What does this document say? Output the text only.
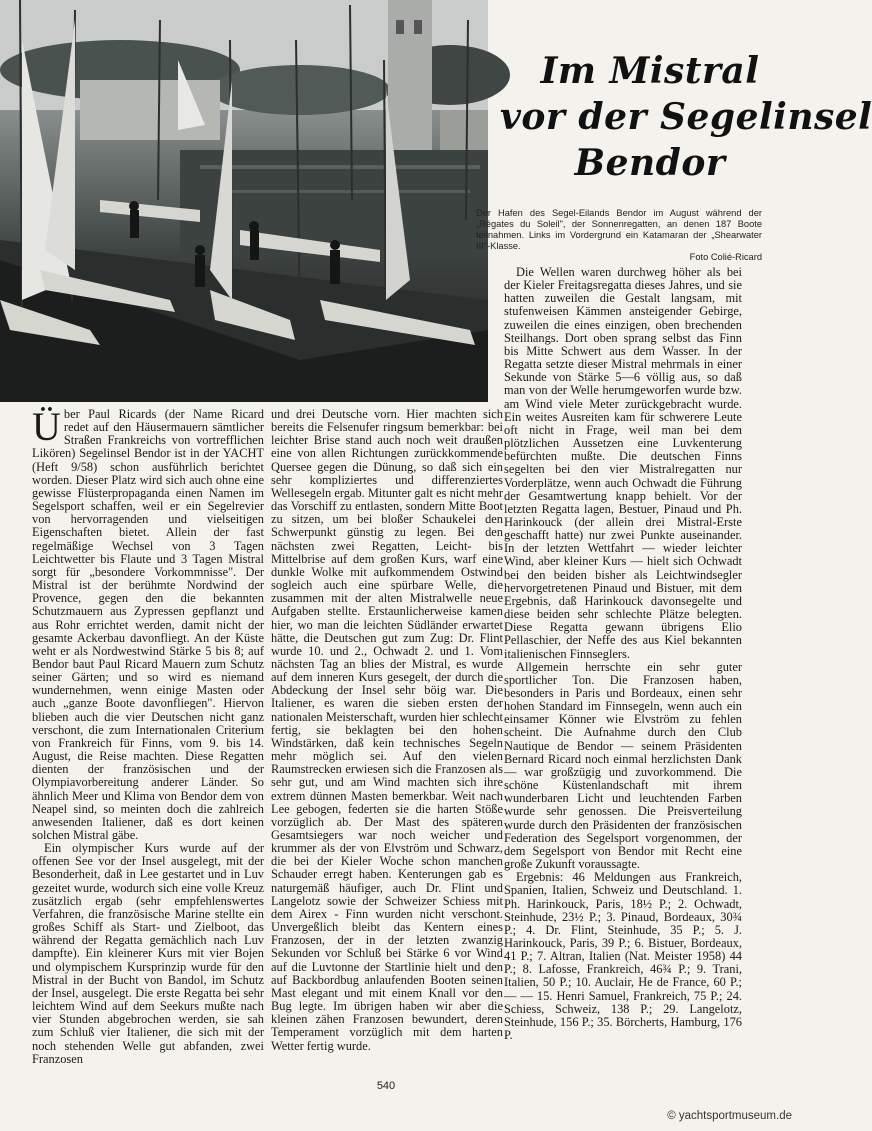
Im Mistral
vor der Segelinsel
Bendor
Der Hafen des Segel-Eilands Bendor im August während der „Régates du Soleil", der Sonnenregatten, an denen 187 Boote teilnahmen. Links im Vordergrund ein Katamaran der „Shearwater III"-Klasse.
Foto Colié-Ricard

Über Paul Ricards (der Name Ricard redet auf den Häusermauern sämtlicher Straßen Frankreichs von vortrefflichen Likören) Segelinsel Bendor ist in der YACHT (Heft 9/58) schon ausführlich berichtet worden. Dieser Platz wird sich auch ohne eine gewisse Flüsterpropaganda einen Namen im Segelsport schaffen, weil er ein Segelrevier von hervorragenden und vielseitigen Eigenschaften bietet. Allein der fast regelmäßige Wechsel von 3 Tagen Leichtwetter bis Flaute und 3 Tagen Mistral sorgt für „besondere Vorkommnisse". Der Mistral ist der berühmte Nordwind der Provence, gegen den die bekannten Schutzmauern aus Zypressen gepflanzt und aus Rohr errichtet werden, damit nicht der gesamte Ackerbau davonfliegt. An der Küste weht er als Nordwestwind Stärke 5 bis 8; auf Bendor baut Paul Ricard Mauern zum Schutz seiner Gärten; und so wird es niemand wundernehmen, wenn einige Masten oder auch „ganze Boote davonfliegen". Hiervon blieben auch die vier Deutschen nicht ganz verschont, die zum Internationalen Criterium von Frankreich für Finns, vom 9. bis 14. August, die Reise machten. Diese Regatten dienten der französischen und der Olympiavorbereitung anderer Länder. So ähnlich Meer und Klima von Bendor dem von Neapel sind, so meinten doch die zahlreich anwesenden Italiener, daß es dort keinen solchen Mistral gäbe.

Ein olympischer Kurs wurde auf der offenen See vor der Insel ausgelegt, mit der Besonderheit, daß in Lee gestartet und in Luv gezeitet wurde, wodurch sich eine volle Kreuz zusätzlich ergab (sehr empfehlenswertes Verfahren, die französische Marine stellte ein großes Schiff als Start- und Zielboot, das während der Regatta gemächlich nach Luv dampfte). Ein kleinerer Kurs mit vier Bojen und olympischem Kursprinzip wurde für den Mistral in der Bucht von Bandol, im Schutz der Insel, ausgelegt. Die erste Regatta bei sehr leichtem Wind auf dem Seekurs mußte nach vier Stunden abgebrochen werden, sie sah zum Schluß vier Italiener, die sich mit der noch stehenden Welle gut abfanden, zwei Franzosen

und drei Deutsche vorn. Hier machten sich bereits die Felsenufer ringsum bemerkbar: bei leichter Brise stand auch noch weit draußen eine von allen Richtungen zurückkommende Quersee gegen die Dünung, so daß sich ein sehr kompliziertes und differenziertes Wellesegeln ergab. Mitunter galt es nicht mehr das Vorschiff zu entlasten, sondern Mitte Boot zu sitzen, um bei bloßer Schaukelei den Schwerpunkt günstig zu legen. Bei den nächsten zwei Regatten, Leicht- bis Mittelbrise auf dem großen Kurs, warf eine dunkle Wolke mit aufkommendem Ostwind sogleich auch eine spürbare Welle, die zusammen mit der alten Mistralwelle neue Aufgaben stellte. Erstaunlicherweise kamen hier, wo man die leichten Südländer erwartet hätte, die Deutschen gut zum Zug: Dr. Flint wurde 10. und 2., Ochwadt 2. und 1. Vom nächsten Tag an blies der Mistral, es wurde auf dem inneren Kurs gesegelt, der durch die Abdeckung der Insel sehr böig war. Die Italiener, es waren die sieben ersten der nationalen Meisterschaft, wurden hier schlecht fertig, sie beklagten bei den hohen Windstärken, daß kein technisches Segeln mehr möglich sei. Auf den vielen Raumstrecken erwiesen sich die Franzosen als sehr gut, und am Wind machten sich ihre extrem dünnen Masten bemerkbar. Weit nach Lee gebogen, federten sie die harten Stöße vorzüglich ab. Der Mast des späteren Gesamtsiegers war noch weicher und krummer als der von Elvström und Schwarz, die bei der Kieler Woche schon manchen Schauder erregt haben. Kenterungen gab es naturgemäß häufiger, auch Dr. Flint und Langelotz sowie der Schweizer Schiess mit dem Airex - Finn wurden nicht verschont. Unvergeßlich bleibt das Kentern eines Franzosen, der in der letzten zwanzig Sekunden vor Schluß bei Stärke 6 vor Wind auf die Luvtonne der Startlinie hielt und den auf Backbordbug anlaufenden Booten seinen Mast elegant und mit einem Knall vor den Bug legte. Im übrigen haben wir aber die kleinen zähen Franzosen bewundert, deren Temperament vorzüglich mit dem harten Wetter fertig wurde.

Die Wellen waren durchweg höher als bei der Kieler Freitagsregatta dieses Jahres, und sie hatten zuweilen die Gestalt langsam, mit stufenweisen Kämmen ansteigender Gebirge, zuweilen die eines einzigen, oben brechenden Steilhangs. Dort oben sprang selbst das Finn bis Mitte Schwert aus dem Wasser. In der Regatta setzte dieser Mistral mehrmals in einer Sekunde von Stärke 5—6 völlig aus, so daß man von der Welle herumgeworfen wurde bzw. am Wind viele Meter zurückgebracht wurde. Ein weites Ausreiten kam für schwerere Leute oft nicht in Frage, weil man bei dem plötzlichen Aussetzen eine Luvkenterung befürchten mußte. Die deutschen Finns segelten bei den vier Mistralregatten nur Vorderplätze, wenn auch Ochwadt die Führung der Gesamtwertung knapp behielt. Vor der letzten Regatta lagen, Bestuer, Pinaud und Ph. Harinkouck (der allein drei Mistral-Erste geschafft hatte) nur zwei Punkte auseinander. In der letzten Wettfahrt — wieder leichter Wind, aber kleiner Kurs — hielt sich Ochwadt bei den beiden bisher als Leichtwindsegler hervorgetretenen Pinaud und Bistuer, mit dem Ergebnis, daß Harinkouck davonsegelte und diese beiden sehr schlechte Plätze belegten. Diese Regatta gewann übrigens Elio Pellaschier, der Neffe des aus Kiel bekannten italienischen Finnseglers.

Allgemein herrschte ein sehr guter sportlicher Ton. Die Franzosen haben, besonders in Paris und Bordeaux, einen sehr hohen Standard im Finnsegeln, wenn auch ein einsamer Könner wie Elvström zu fehlen scheint. Die Aufnahme durch den Club Nautique de Bendor — seinem Präsidenten Bernard Ricard noch einmal herzlichsten Dank — war großzügig und zuvorkommend. Die schöne Küstenlandschaft mit ihrem wunderbaren Licht und leuchtenden Farben wurde sehr genossen. Die Preisverteilung wurde durch den Präsidenten der französischen Federation des Segelsport vorgenommen, der dem Segelsport von Bendor mit Recht eine große Zukunft voraussagte.

Ergebnis: 46 Meldungen aus Frankreich, Spanien, Italien, Schweiz und Deutschland. 1. Ph. Harinkouck, Paris, 18½ P.; 2. Ochwadt, Steinhude, 23½ P.; 3. Pinaud, Bordeaux, 30¾ P.; 4. Dr. Flint, Steinhude, 35 P.; 5. J. Harinkouck, Paris, 39 P.; 6. Bistuer, Bordeaux, 41 P.; 7. Altran, Italien (Nat. Meister 1958) 44 P.; 8. Lafosse, Frankreich, 46¾ P.; 9. Trani, Italien, 50 P.; 10. Auclair, He de France, 60 P.; — — 15. Henri Samuel, Frankreich, 75 P.; 24. Schiess, Schweiz, 138 P.; 29. Langelotz, Steinhude, 156 P.; 35. Börcherts, Hamburg, 176 P.

540
© yachtsportmuseum.de
